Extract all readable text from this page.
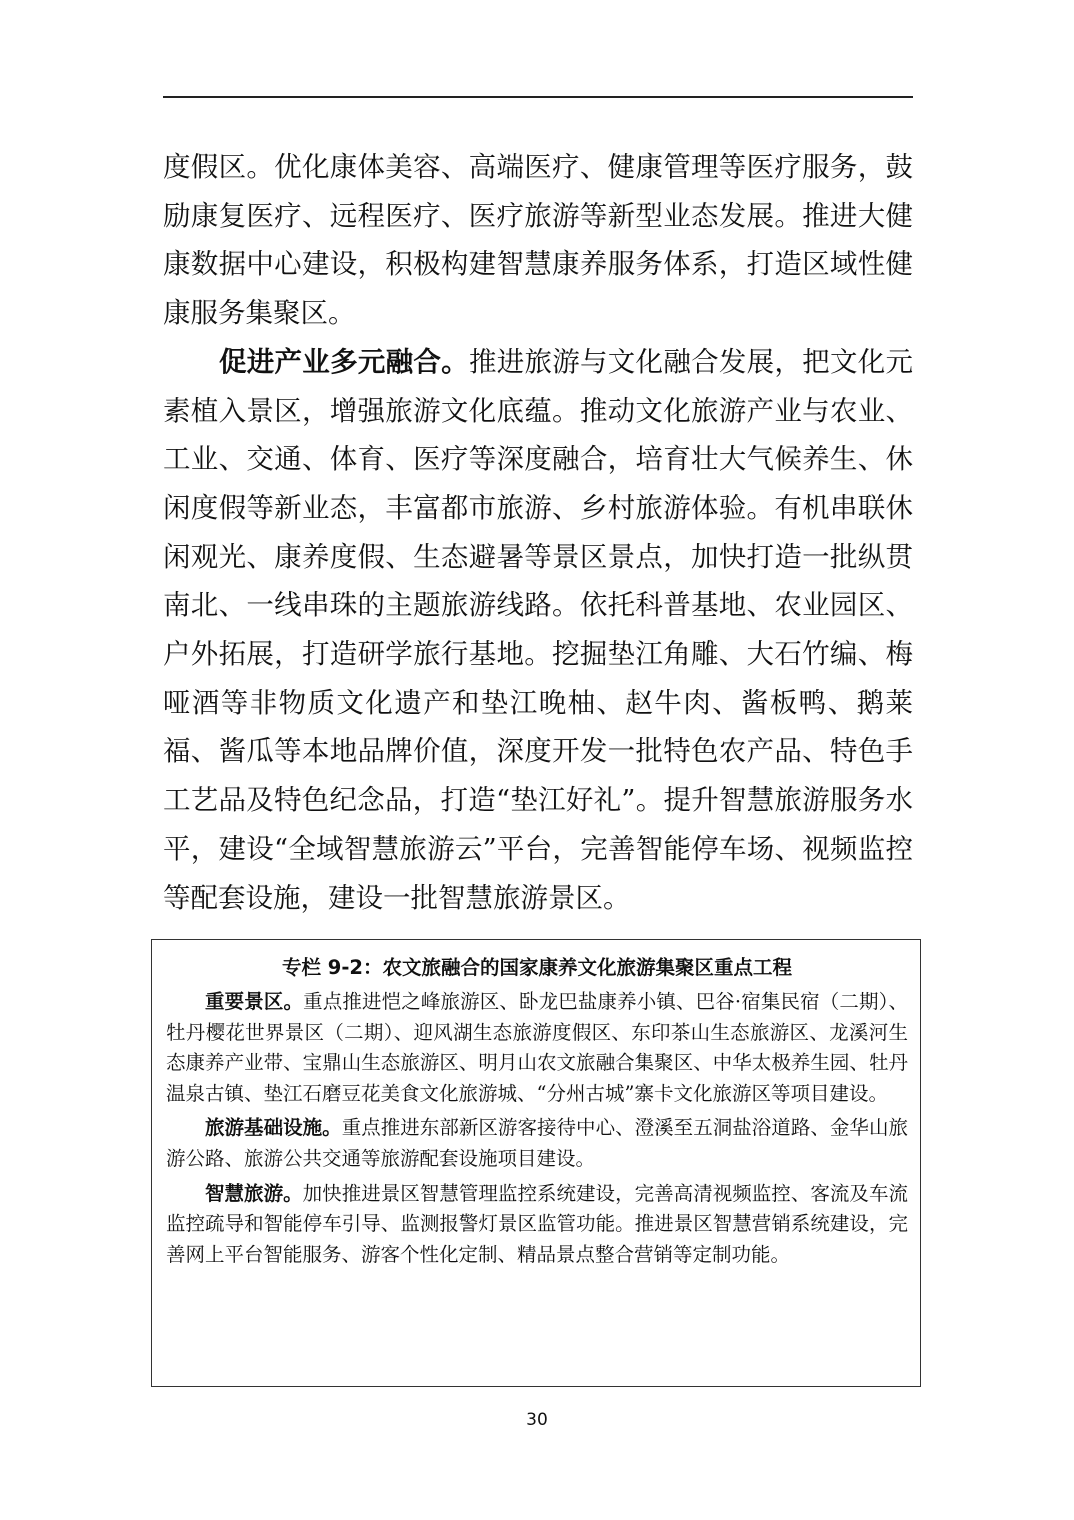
度假区。优化康体美容、高端医疗、健康管理等医疗服务，鼓励康复医疗、远程医疗、医疗旅游等新型业态发展。推进大健康数据中心建设，积极构建智慧康养服务体系，打造区域性健康服务集聚区。

促进产业多元融合。推进旅游与文化融合发展，把文化元素植入景区，增强旅游文化底蕴。推动文化旅游产业与农业、工业、交通、体育、医疗等深度融合，培育壮大气候养生、休闲度假等新业态，丰富都市旅游、乡村旅游体验。有机串联休闲观光、康养度假、生态避暑等景区景点，加快打造一批纵贯南北、一线串珠的主题旅游线路。依托科普基地、农业园区、户外拓展，打造研学旅行基地。挖掘垫江角雕、大石竹编、梅哑酒等非物质文化遗产和垫江晚柚、赵牛肉、酱板鸭、鹅莱福、酱瓜等本地品牌价值，深度开发一批特色农产品、特色手工艺品及特色纪念品，打造“垫江好礼”。提升智慧旅游服务水平，建设“全域智慧旅游云”平台，完善智能停车场、视频监控等配套设施，建设一批智慧旅游景区。

专栏 9-2：农文旅融合的国家康养文化旅游集聚区重点工程

重要景区。重点推进恺之峰旅游区、卧龙巴盐康养小镇、巴谷·宿集民宿（二期）、牡丹樱花世界景区（二期）、迎风湖生态旅游度假区、东印茶山生态旅游区、龙溪河生态康养产业带、宝鼎山生态旅游区、明月山农文旅融合集聚区、中华太极养生园、牡丹温泉古镇、垫江石磨豆花美食文化旅游城、“分州古城”寨卡文化旅游区等项目建设。

旅游基础设施。重点推进东部新区游客接待中心、澄溪至五洞盐浴道路、金华山旅游公路、旅游公共交通等旅游配套设施项目建设。

智慧旅游。加快推进景区智慧管理监控系统建设，完善高清视频监控、客流及车流监控疏导和智能停车引导、监测报警灯景区监管功能。推进景区智慧营销系统建设，完善网上平台智能服务、游客个性化定制、精品景点整合营销等定制功能。

30
